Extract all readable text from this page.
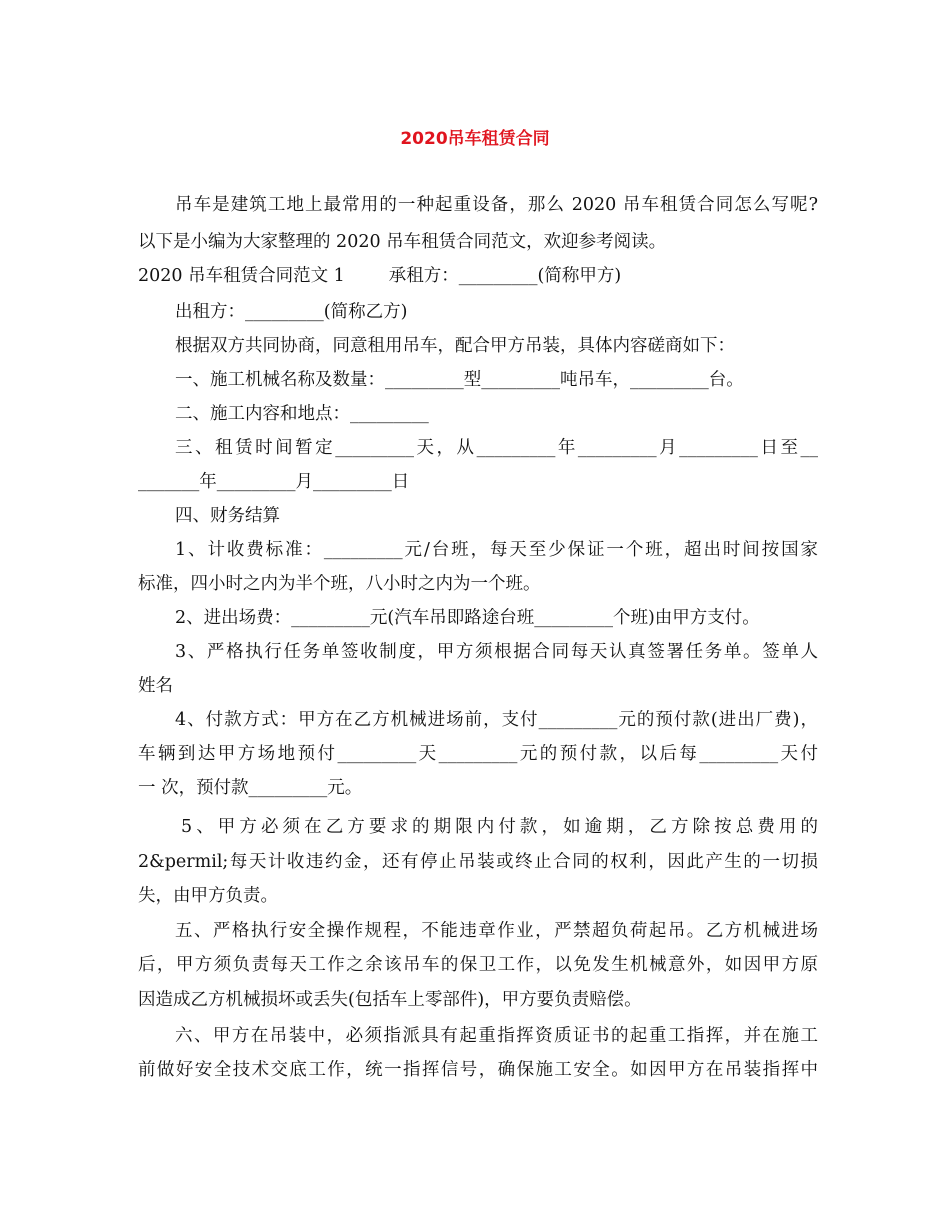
2020吊车租赁合同
吊车是建筑工地上最常用的一种起重设备，那么 2020 吊车租赁合同怎么写呢?
以下是小编为大家整理的 2020 吊车租赁合同范文，欢迎参考阅读。
2020 吊车租赁合同范文 1	承租方：_________(简称甲方)
出租方：_________(简称乙方)
根据双方共同协商，同意租用吊车，配合甲方吊装，具体内容磋商如下：
一、施工机械名称及数量：_________型_________吨吊车，_________台。
二、施工内容和地点：_________
三、租赁时间暂定_________天，从_________年_________月_________日至__
_______年_________月_________日
四、财务结算
1、计收费标准：_________元/台班，每天至少保证一个班，超出时间按国家
标准，四小时之内为半个班，八小时之内为一个班。
2、进出场费：_________元(汽车吊即路途台班_________个班)由甲方支付。
3、严格执行任务单签收制度，甲方须根据合同每天认真签署任务单。签单人
姓名
4、付款方式：甲方在乙方机械进场前，支付_________元的预付款(进出厂费)，
车辆到达甲方场地预付_________天_________元的预付款，以后每_________天付
一 次，预付款_________元。
5、甲方必须在乙方要求的期限内付款，如逾期，乙方除按总费用的
2&permil;每天计收违约金，还有停止吊装或终止合同的权利，因此产生的一切损
失，由甲方负责。
五、严格执行安全操作规程，不能违章作业，严禁超负荷起吊。乙方机械进场
后，甲方须负责每天工作之余该吊车的保卫工作，以免发生机械意外，如因甲方原
因造成乙方机械损坏或丢失(包括车上零部件)，甲方要负责赔偿。
六、甲方在吊装中，必须指派具有起重指挥资质证书的起重工指挥，并在施工
前做好安全技术交底工作，统一指挥信号，确保施工安全。如因甲方在吊装指挥中
